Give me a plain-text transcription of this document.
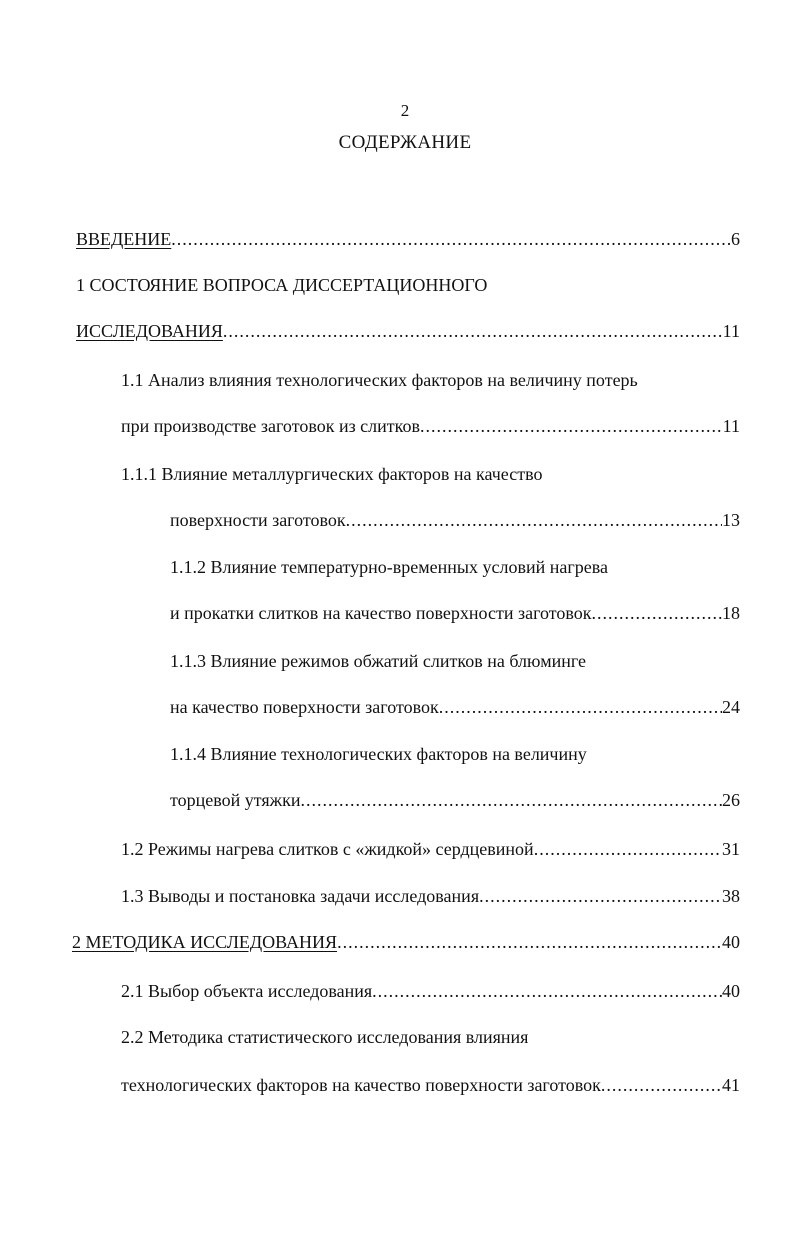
2
СОДЕРЖАНИЕ
ВВЕДЕНИЕ .....	6
1 СОСТОЯНИЕ ВОПРОСА ДИССЕРТАЦИОННОГО
ИССЛЕДОВАНИЯ .....	11
1.1 Анализ влияния технологических факторов на величину потерь
при производстве заготовок из слитков .....	11
1.1.1 Влияние металлургических факторов на качество
поверхности заготовок .....	13
1.1.2 Влияние температурно-временных условий нагрева
и прокатки слитков на качество поверхности заготовок .....	18
1.1.3 Влияние режимов обжатий слитков на блюминге
на качество поверхности заготовок .....	24
1.1.4 Влияние технологических факторов на величину
торцевой утяжки .....	26
1.2 Режимы нагрева слитков с «жидкой» сердцевиной .....	31
1.3 Выводы и постановка задачи исследования .....	38
2 МЕТОДИКА ИССЛЕДОВАНИЯ .....	40
2.1 Выбор объекта исследования .....	40
2.2 Методика статистического исследования влияния
технологических факторов на качество поверхности заготовок .....	41
